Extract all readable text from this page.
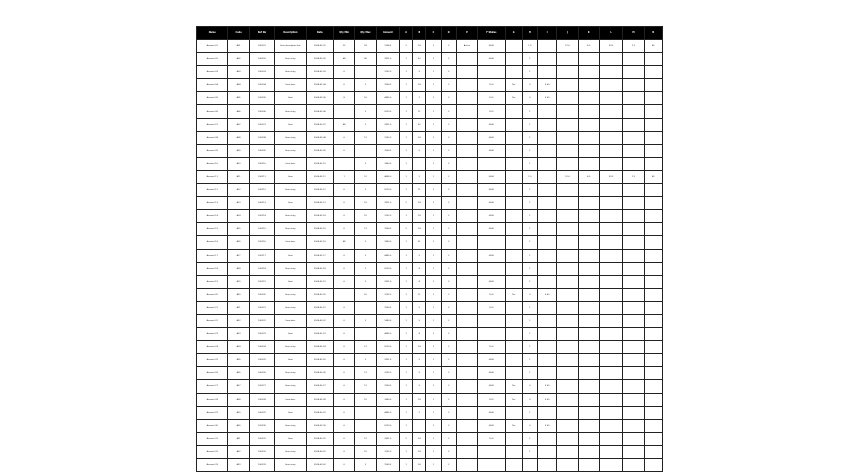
Name	Code	Ref No	Description	Date	Qty Min	Qty Max	Amount	A	B	C	D	E	F Status	G	H	I	J	K	L	M	N
Account 01	A01	100201	Item description line	2024-01-01	12	18	1234.5	2	14	1	2	Active	0000		1.5		12.0	4.5	33.3	1.2	45
Account 02	A02	100202	Item entry	2024-01-02	48	66	3321.0	1	52	1	2		0000		1						
Account 03	A03	100203	Item entry	2024-01-03	6		1222.0	1	5	1	2				1						
Account 04	A04	100204	Item desc	2024-01-04	6	2	1900.5	1	14	1	2		10.5	Yes	0	0.00					
Account 05	A05	100205	Item	2024-01-05	8	16	4455.0	1	2	1	2		10.5	Yes	0	0.00					
Account 06	A06	100206	Item entry	2024-01-06		2	5210.0	1	11	1	2		10.5		1						
Account 07	A07	100207	Item	2024-01-07	48	2	3321.0	1	52	1	2		0000		1						
Account 08	A08	100208	Item entry	2024-01-08	6	12	1222.0	1	14	1	2		0000		1						
Account 09	A09	100209	Item entry	2024-01-09	6		1900.5	1	5	1	2		0000		1						
Account 10	A10	100210	Item desc	2024-01-10		2	1400.0	1		1	2				1						
Account 11	A11	100211	Item	2024-01-11	1	12	4455.0	1	2	1	2		0000		1.5		12.0	4.5	33.3	1.2	45
Account 12	A12	100212	Item entry	2024-01-12	6	2	5210.0	1	11	1	2		0000		1						
Account 13	A13	100213	Item	2024-01-13	6	15	3321.0	2	14	1	2		0000		1						
Account 14	A14	100214	Item entry	2024-01-14	6	15	1222.0	1	14	1	2		0000		1						
Account 15	A15	100215	Item entry	2024-01-15	6	12	1900.5	2	14	1	2		0000		1						
Account 16	A16	100216	Item desc	2024-01-16	48	2	1400.0	1	51	1	2				1						
Account 17	A17	100217	Item	2024-01-17	6	2	4455.0	1	5	1	2		0000		1						
Account 18	A18	100218	Item entry	2024-01-18	6	2	5210.0	1	8	1	2				1						
Account 19	A19	100219	Item	2024-01-19	6	2	3321.0	1	8	1	2		0000		1						
Account 20	A20	100220	Item entry	2024-01-20		16	1222.0	1	11	1	2		10.5	Yes	0	0.00					
Account 21	A21	100221	Item entry	2024-01-21	6		1900.5	1	5	1	2		10.5		1						
Account 22	A22	100222	Item desc	2024-01-22	6	2	1400.0	1	5	1	2				1						
Account 23	A23	100223	Item	2024-01-23	6		4455.0	1	8	1	2				1						
Account 24	A24	100224	Item entry	2024-01-24	6	12	5210.0	1	14	1	2		10.5		1						
Account 25	A25	100225	Item	2024-01-25	6	2	3321.0	1	5	1	2		0000		1						
Account 26	A26	100226	Item entry	2024-01-26	6	12	1222.0	1	5	1	2		0000		1						
Account 27	A27	100227	Item entry	2024-01-27	6	12	1900.5	1	5	1	2		0000	Yes	0	0.00					
Account 28	A28	100228	Item desc	2024-01-28	6	15	1400.0	1	14	1	2		10.5	Yes	0	0.00					
Account 29	A29	100229	Item	2024-01-29	6		4455.0	1	2	1	2		0000		1						
Account 30	A30	100230	Item entry	2024-01-30	6		5210.0	1		1	2		0000	Yes	0	0.00					
Account 31	A31	100231	Item	2024-01-31	6	12	3321.0	2	14	1	2		10.5		1						
Account 32	A32	100232	Item entry	2024-02-01	6	15	1222.0	1	14	1	2				1						
Account 33	A33	100233	Item entry	2024-02-02	6	2	1900.5	1	14	1	2										
